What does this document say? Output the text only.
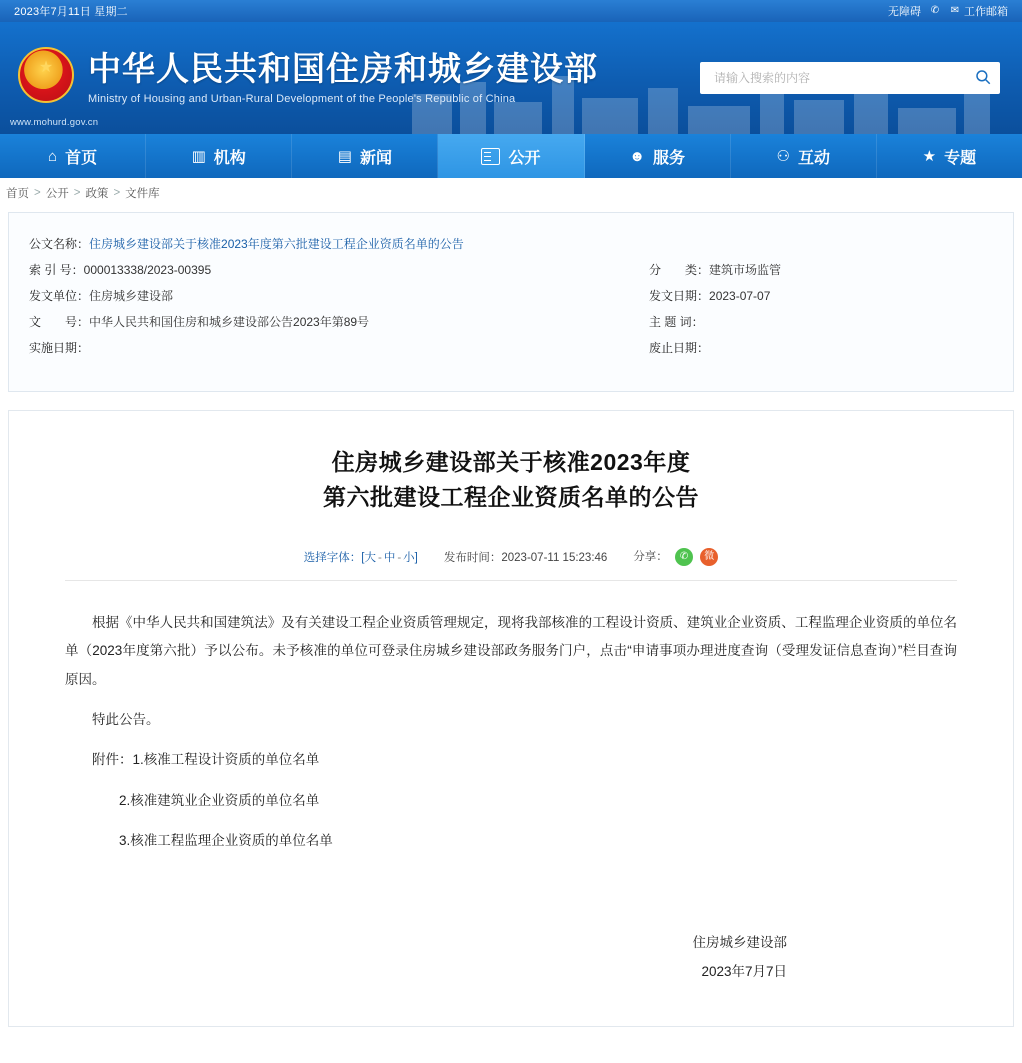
2023年7月11日 星期二	无障碍 ✆ ✉ 工作邮箱
★
中华人民共和国住房和城乡建设部
Ministry of Housing and Urban-Rural Development of the People's Republic of China
请输入搜索的内容
www.mohurd.gov.cn
⌂ 首页	▥ 机构	▤ 新闻	公开	☻ 服务	⚇ 互动	★ 专题
首页 > 公开 > 政策 > 文件库
公文名称： 住房城乡建设部关于核准2023年度第六批建设工程企业资质名单的公告
索 引 号： 000013338/2023-00395	分　　类： 建筑市场监管
发文单位： 住房城乡建设部	发文日期： 2023-07-07
文　　号： 中华人民共和国住房和城乡建设部公告2023年第89号	主 题 词：
实施日期：	废止日期：
住房城乡建设部关于核准2023年度
第六批建设工程企业资质名单的公告
选择字体：[大 - 中 - 小] 发布时间：2023-07-11 15:23:46 分享： ✆ 微

根据《中华人民共和国建筑法》及有关建设工程企业资质管理规定，现将我部核准的工程设计资质、建筑业企业资质、工程监理企业资质的单位名单（2023年度第六批）予以公布。未予核准的单位可登录住房城乡建设部政务服务门户，点击“申请事项办理进度查询（受理发证信息查询）”栏目查询原因。

特此公告。

附件：1.核准工程设计资质的单位名单

2.核准建筑业企业资质的单位名单

3.核准工程监理企业资质的单位名单

住房城乡建设部
2023年7月7日
